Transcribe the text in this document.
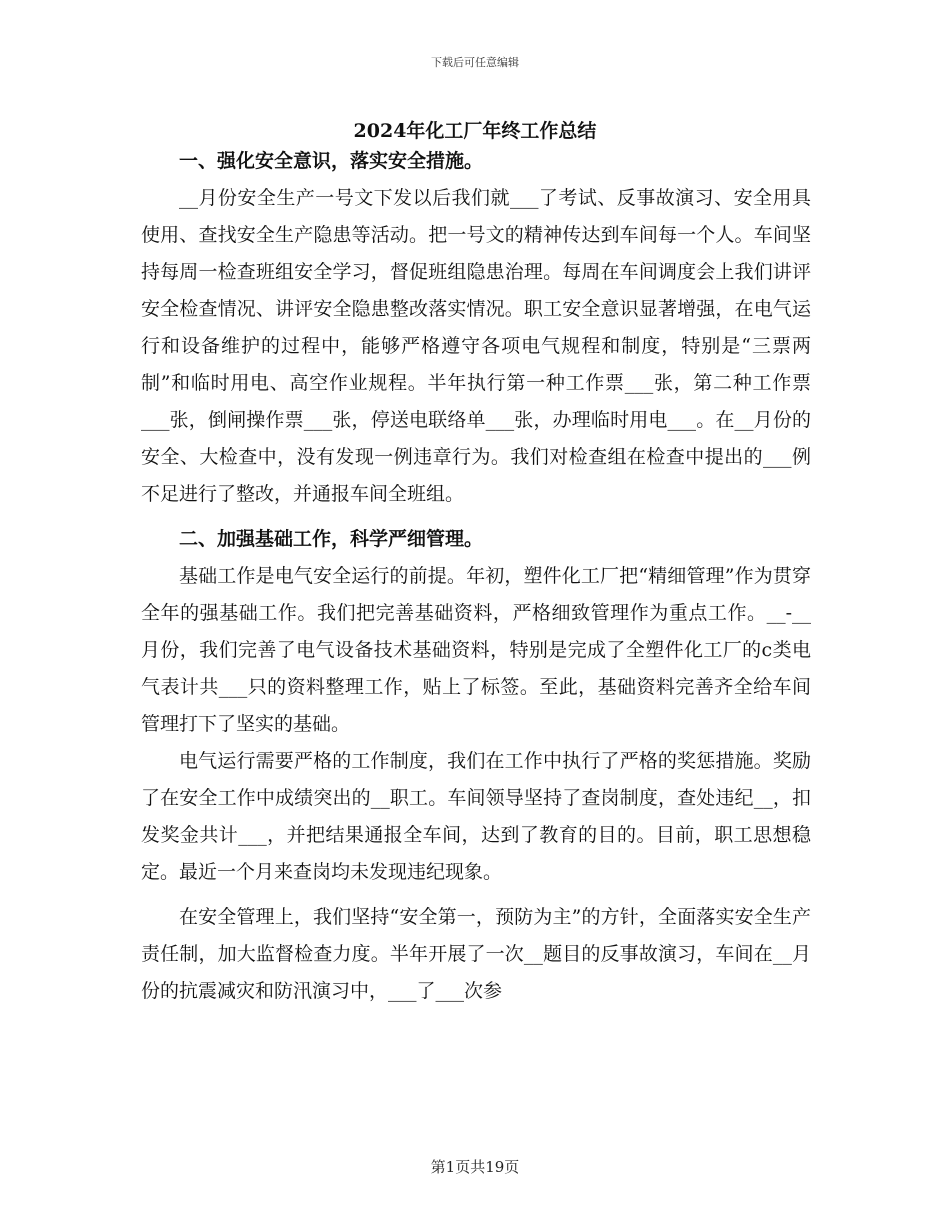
下载后可任意编辑
2024年化工厂年终工作总结

一、强化安全意识，落实安全措施。

__月份安全生产一号文下发以后我们就___了考试、反事故演习、安全用具使用、查找安全生产隐患等活动。把一号文的精神传达到车间每一个人。车间坚持每周一检查班组安全学习，督促班组隐患治理。每周在车间调度会上我们讲评安全检查情况、讲评安全隐患整改落实情况。职工安全意识显著增强，在电气运行和设备维护的过程中，能够严格遵守各项电气规程和制度，特别是“三票两制”和临时用电、高空作业规程。半年执行第一种工作票___张，第二种工作票___张，倒闸操作票___张，停送电联络单___张，办理临时用电___。在__月份的安全、大检查中，没有发现一例违章行为。我们对检查组在检查中提出的___例不足进行了整改，并通报车间全班组。

二、加强基础工作，科学严细管理。

基础工作是电气安全运行的前提。年初，塑件化工厂把“精细管理”作为贯穿全年的强基础工作。我们把完善基础资料，严格细致管理作为重点工作。__-__月份，我们完善了电气设备技术基础资料，特别是完成了全塑件化工厂的c类电气表计共___只的资料整理工作，贴上了标签。至此，基础资料完善齐全给车间管理打下了坚实的基础。

电气运行需要严格的工作制度，我们在工作中执行了严格的奖惩措施。奖励了在安全工作中成绩突出的__职工。车间领导坚持了查岗制度，查处违纪__，扣发奖金共计___，并把结果通报全车间，达到了教育的目的。目前，职工思想稳定。最近一个月来查岗均未发现违纪现象。

在安全管理上，我们坚持“安全第一，预防为主”的方针，全面落实安全生产责任制，加大监督检查力度。半年开展了一次__题目的反事故演习，车间在__月份的抗震减灾和防汛演习中，___了___次参

第1页共19页
